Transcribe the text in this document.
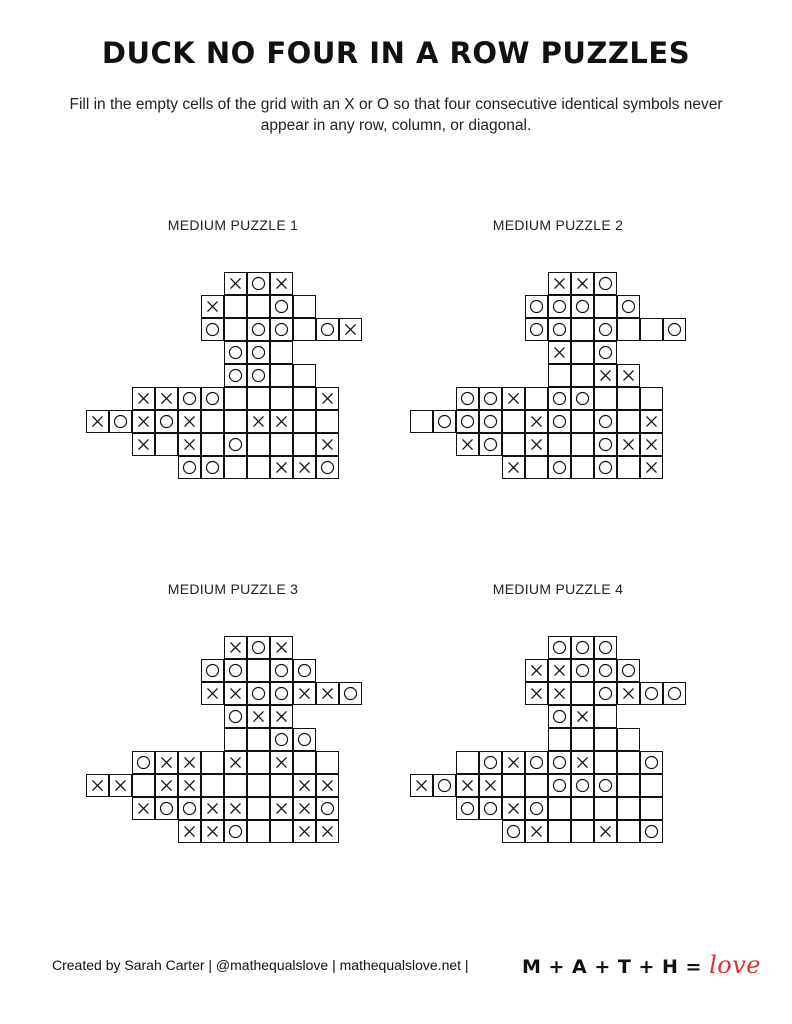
DUCK NO FOUR IN A ROW PUZZLES
Fill in the empty cells of the grid with an X or O so that four consecutive identical symbols never appear in any row, column, or diagonal.
MEDIUM PUZZLE 1	MEDIUM PUZZLE 2
MEDIUM PUZZLE 3	MEDIUM PUZZLE 4
Created by Sarah Carter | @mathequalslove | mathequalslove.net |	M + A + T + H = love
